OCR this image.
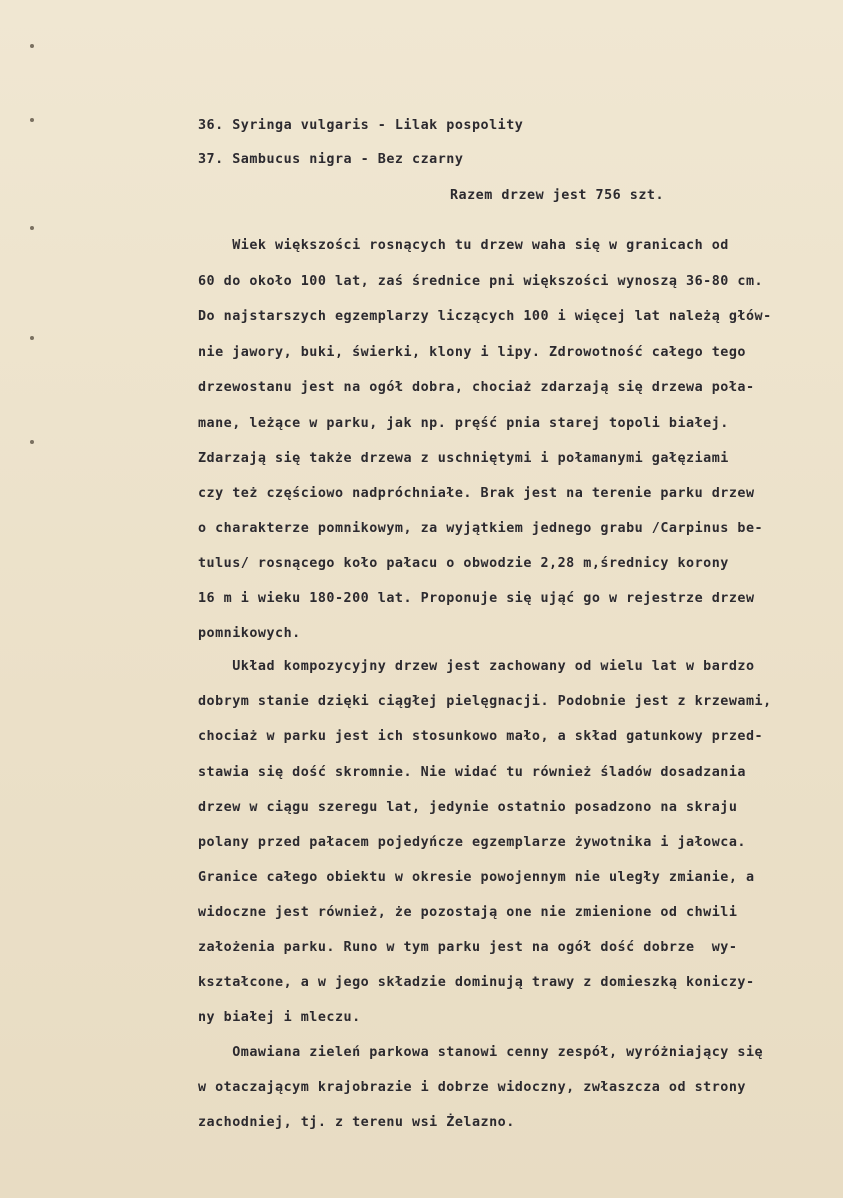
36. Syringa vulgaris - Lilak pospolity
37. Sambucus nigra - Bez czarny
Razem drzew jest 756 szt.
Wiek większości rosnących tu drzew waha się w granicach od
60 do około 100 lat, zaś średnice pni większości wynoszą 36-80 cm.
Do najstarszych egzemplarzy liczących 100 i więcej lat należą głów-
nie jawory, buki, świerki, klony i lipy. Zdrowotność całego tego
drzewostanu jest na ogół dobra, chociaż zdarzają się drzewa poła-
mane, leżące w parku, jak np. pręść pnia starej topoli białej.
Zdarzają się także drzewa z uschniętymi i połamanymi gałęziami
czy też częściowo nadpróchniałe. Brak jest na terenie parku drzew
o charakterze pomnikowym, za wyjątkiem jednego grabu /Carpinus be-
tulus/ rosnącego koło pałacu o obwodzie 2,28 m,średnicy korony
16 m i wieku 180-200 lat. Proponuje się ująć go w rejestrze drzew
pomnikowych.
Układ kompozycyjny drzew jest zachowany od wielu lat w bardzo
dobrym stanie dzięki ciągłej pielęgnacji. Podobnie jest z krzewami,
chociaż w parku jest ich stosunkowo mało, a skład gatunkowy przed-
stawia się dość skromnie. Nie widać tu również śladów dosadzania
drzew w ciągu szeregu lat, jedynie ostatnio posadzono na skraju
polany przed pałacem pojedyńcze egzemplarze żywotnika i jałowca.
Granice całego obiektu w okresie powojennym nie uległy zmianie, a
widoczne jest również, że pozostają one nie zmienione od chwili
założenia parku. Runo w tym parku jest na ogół dość dobrze  wy-
kształcone, a w jego składzie dominują trawy z domieszką koniczy-
ny białej i mleczu.
Omawiana zieleń parkowa stanowi cenny zespół, wyróżniający się
w otaczającym krajobrazie i dobrze widoczny, zwłaszcza od strony
zachodniej, tj. z terenu wsi Żelazno.
